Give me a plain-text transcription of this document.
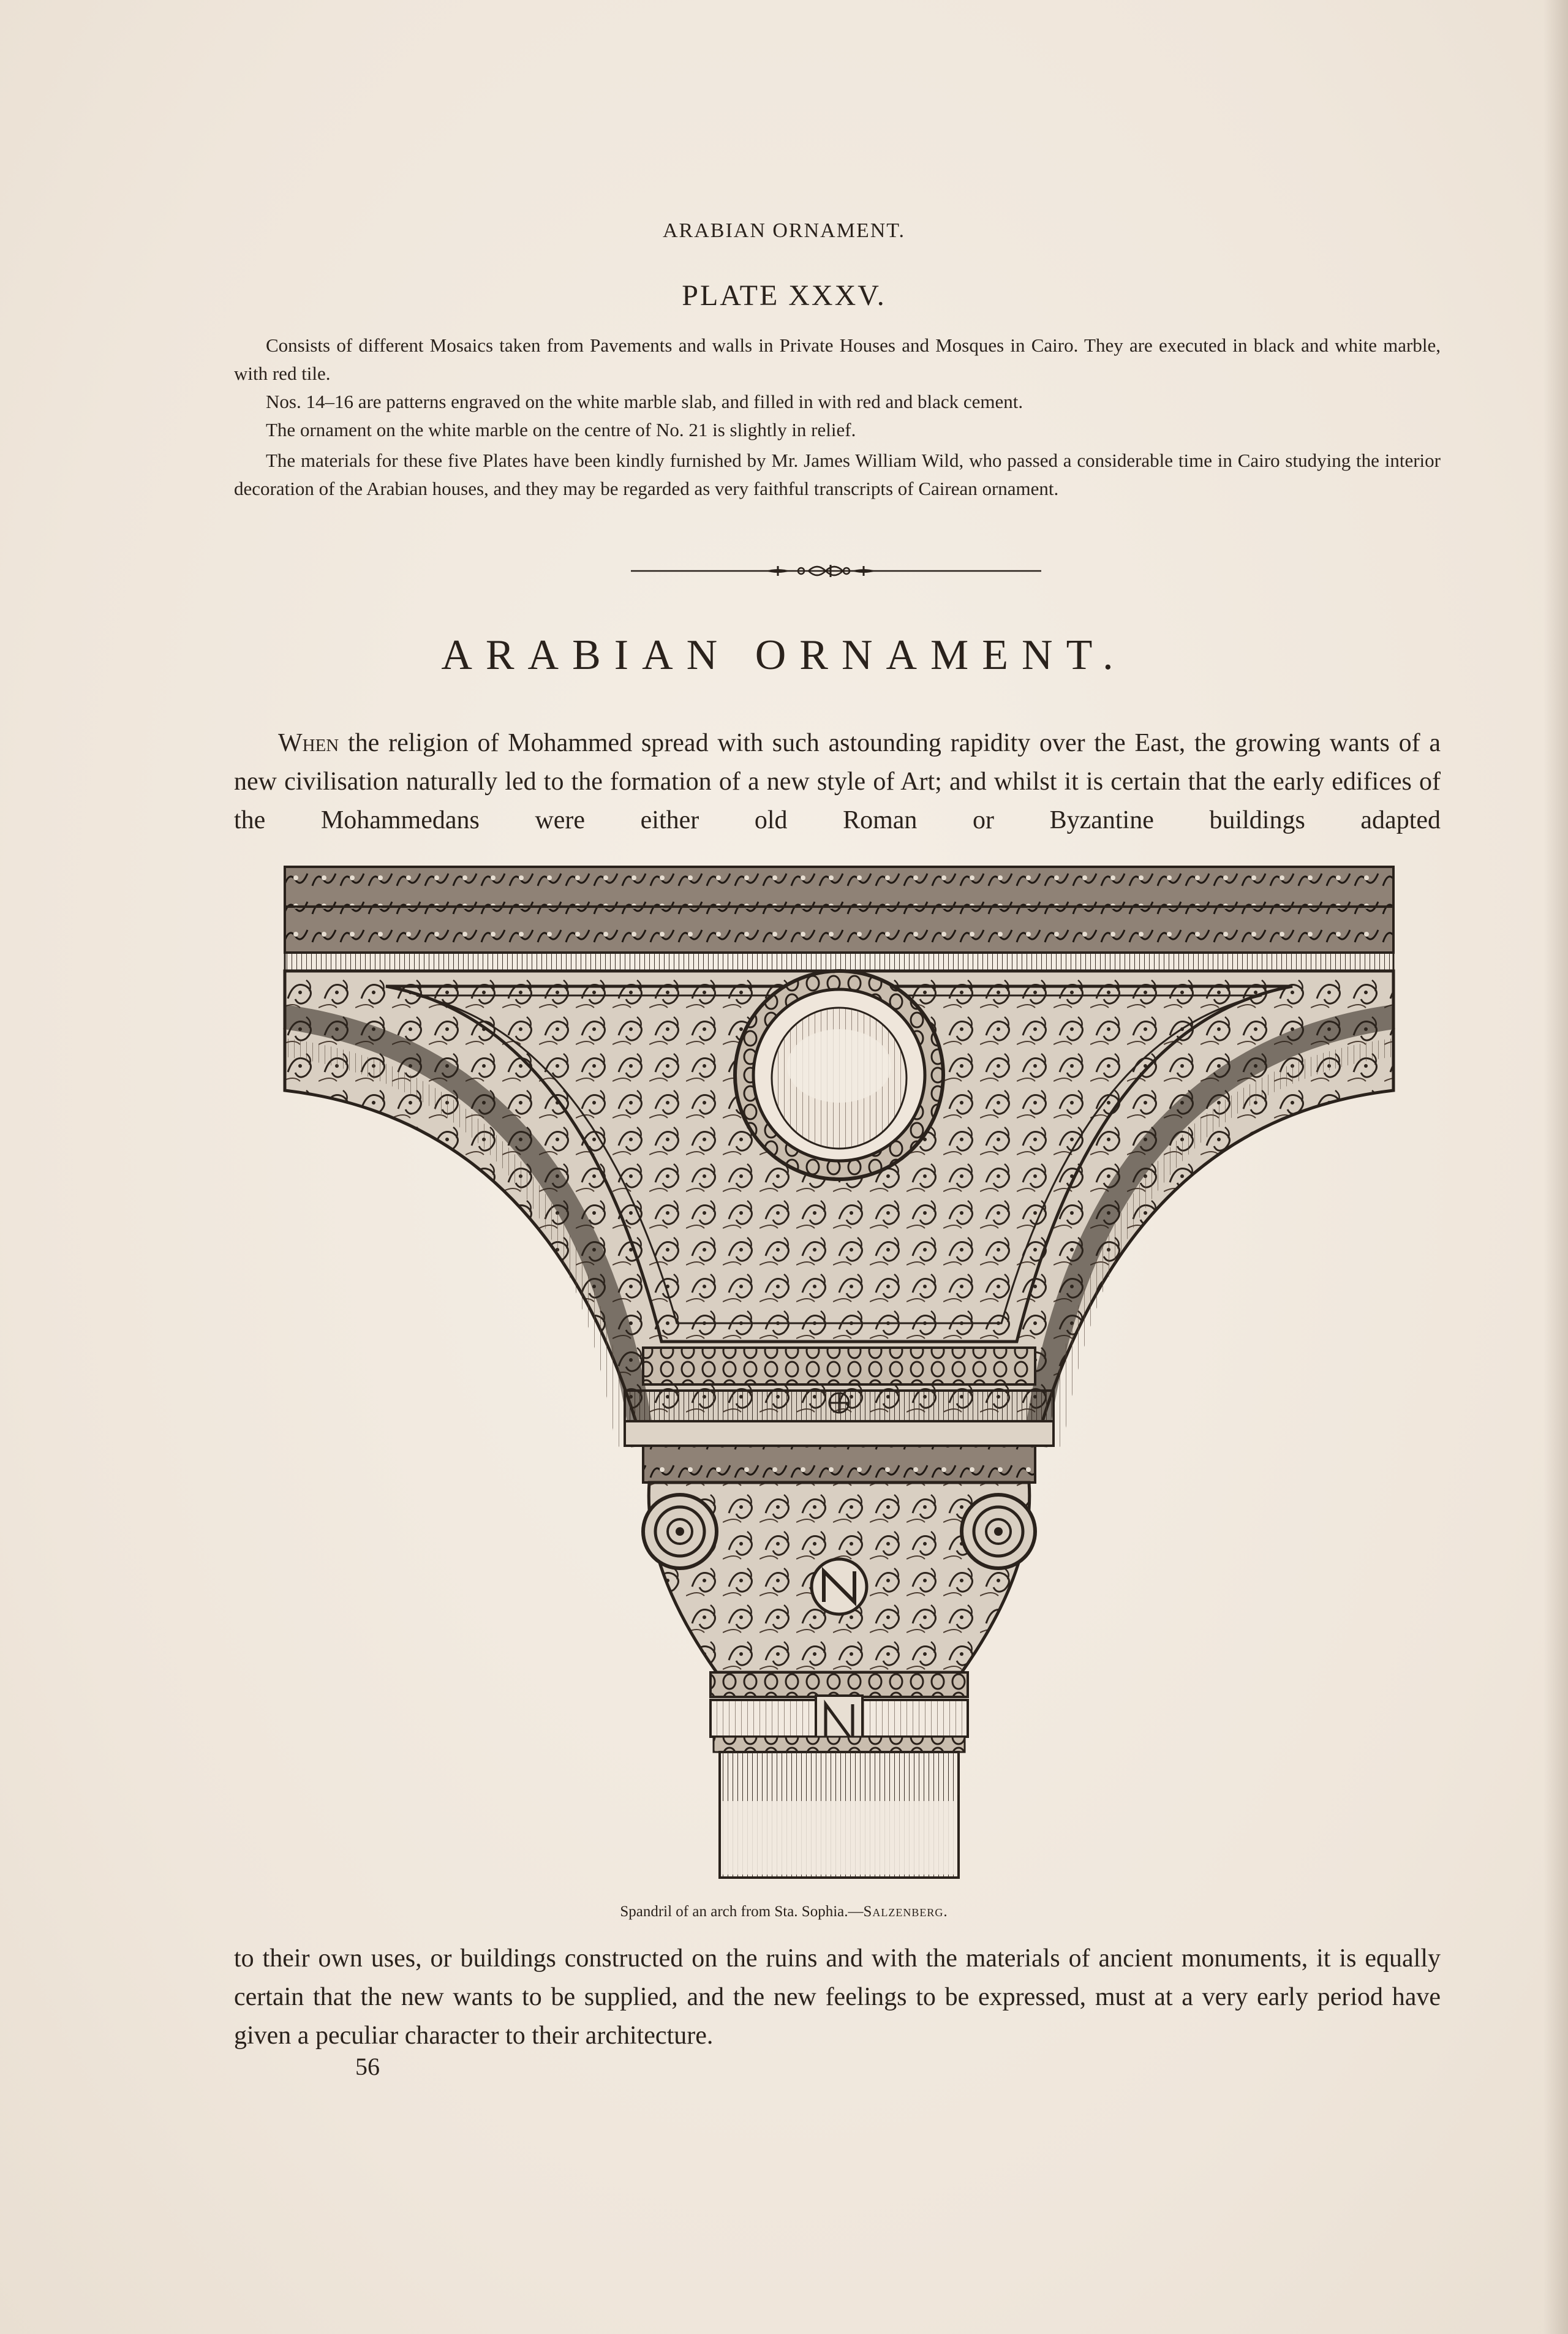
ARABIAN ORNAMENT.
PLATE XXXV.

Consists of different Mosaics taken from Pavements and walls in Private Houses and Mosques in Cairo. They are executed in black and white marble, with red tile.

Nos. 14–16 are patterns engraved on the white marble slab, and filled in with red and black cement.

The ornament on the white marble on the centre of No. 21 is slightly in relief.

The materials for these five Plates have been kindly furnished by Mr. James William Wild, who passed a considerable time in Cairo studying the interior decoration of the Arabian houses, and they may be regarded as very faithful transcripts of Cairean ornament.

ARABIAN ORNAMENT.
When the religion of Mohammed spread with such astounding rapidity over the East, the growing wants of a new civilisation naturally led to the formation of a new style of Art; and whilst it is certain that the early edifices of the Mohammedans were either old Roman or Byzantine buildings adapted
Spandril of an arch from Sta. Sophia.—Salzenberg.
to their own uses, or buildings constructed on the ruins and with the materials of ancient monuments, it is equally certain that the new wants to be supplied, and the new feelings to be expressed, must at a very early period have given a peculiar character to their architecture.
56
